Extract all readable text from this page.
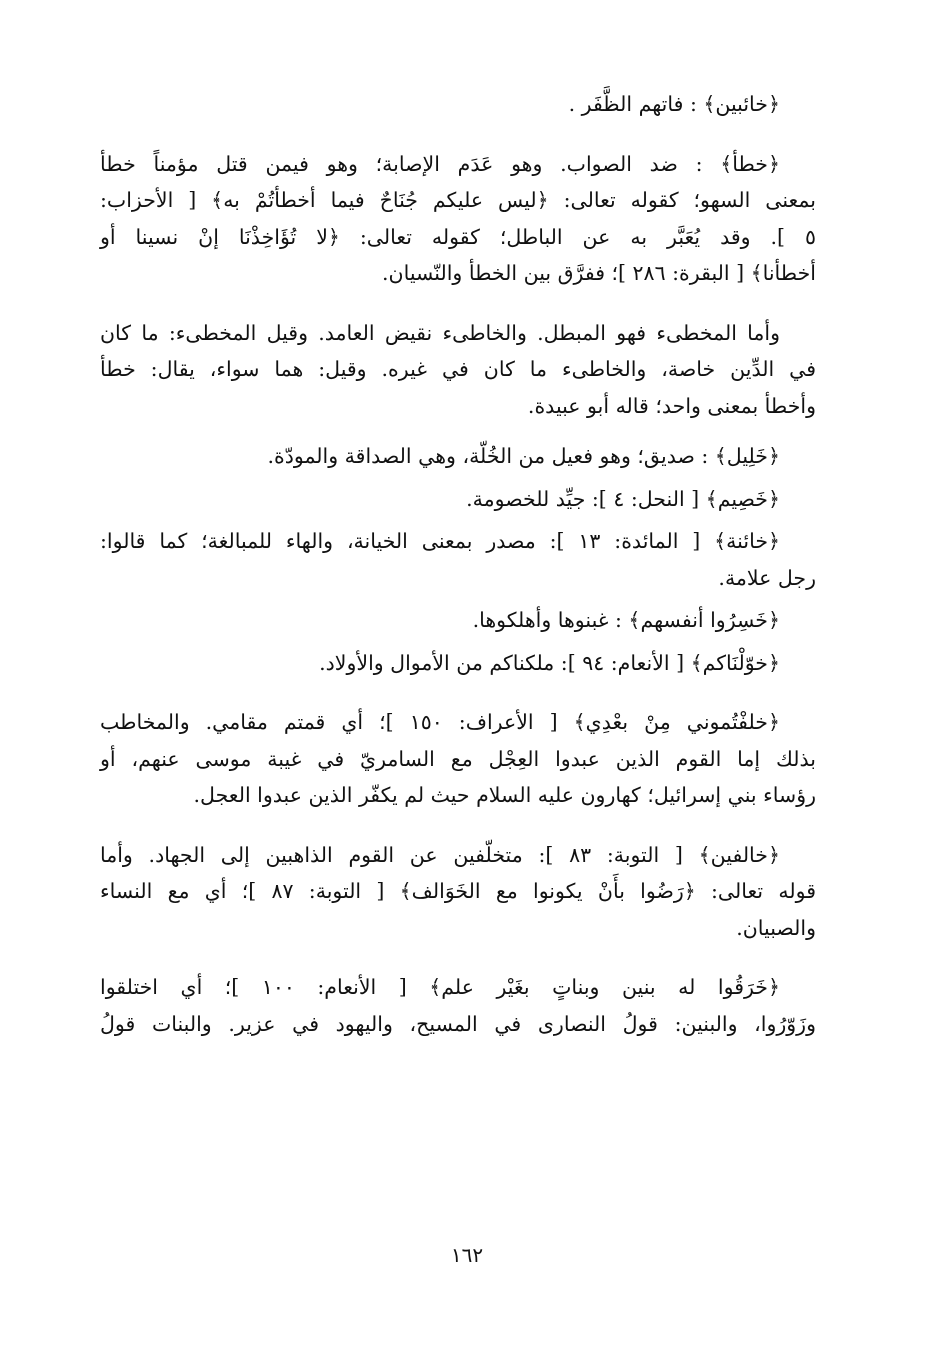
﴿خائبين﴾ : فاتهم الظَّفَر .

﴿خطأ﴾ : ضد الصواب. وهو عَدَم الإصابة؛ وهو فيمن قتل مؤمناً خطأ
بمعنى السهو؛ كقوله تعالى: ﴿ليس عليكم جُنَاحٌ فيما أخطأتُمْ به﴾ [ الأحزاب:
٥ ]. وقد يُعَبَّر به عن الباطل؛ كقوله تعالى: ﴿لا تُؤَاخِذْنَا إنْ نسينا أو
أخطأنا﴾ [ البقرة: ٢٨٦ ]؛ ففرَّق بين الخطأ والنّسيان.

وأما المخطىء فهو المبطل. والخاطىء نقيض العامد. وقيل المخطىء: ما كان
في الدِّين خاصة، والخاطىء ما كان في غيره. وقيل: هما سواء، يقال: خطأ
وأخطأ بمعنى واحد؛ قاله أبو عبيدة.

﴿خَلِيل﴾ : صديق؛ وهو فعيل من الخُلّة، وهي الصداقة والمودّة.

﴿خَصِيم﴾ [ النحل: ٤ ]: جيِّد للخصومة.

﴿خائنة﴾ [ المائدة: ١٣ ]: مصدر بمعنى الخيانة، والهاء للمبالغة؛ كما قالوا:
رجل علامة.

﴿خَسِرُوا أنفسهم﴾ : غبنوها وأهلكوها.

﴿خوّلْنَاكم﴾ [ الأنعام: ٩٤ ]: ملكناكم من الأموال والأولاد.

﴿خلفْتُموني مِنْ بعْدِي﴾ [ الأعراف: ١٥٠ ]؛ أي قمتم مقامي. والمخاطب
بذلك إما القوم الذين عبدوا العِجْل مع السامريّ في غيبة موسى عنهم، أو
رؤساء بني إسرائيل؛ كهارون عليه السلام حيث لم يكفّر الذين عبدوا العجل.

﴿خالفين﴾ [ التوبة: ٨٣ ]: متخلّفين عن القوم الذاهبين إلى الجهاد. وأما
قوله تعالى: ﴿رَضُوا بأَنْ يكونوا مع الخَوَالف﴾ [ التوبة: ٨٧ ]؛ أي مع النساء
والصبيان.

﴿خَرَقُوا له بنين وبناتٍ بغَيْر علم﴾ [ الأنعام: ١٠٠ ]؛ أي اختلقوا
وزَوّرُوا، والبنين: قولُ النصارى في المسيح، واليهود في عزير. والبنات قولُ

١٦٢
